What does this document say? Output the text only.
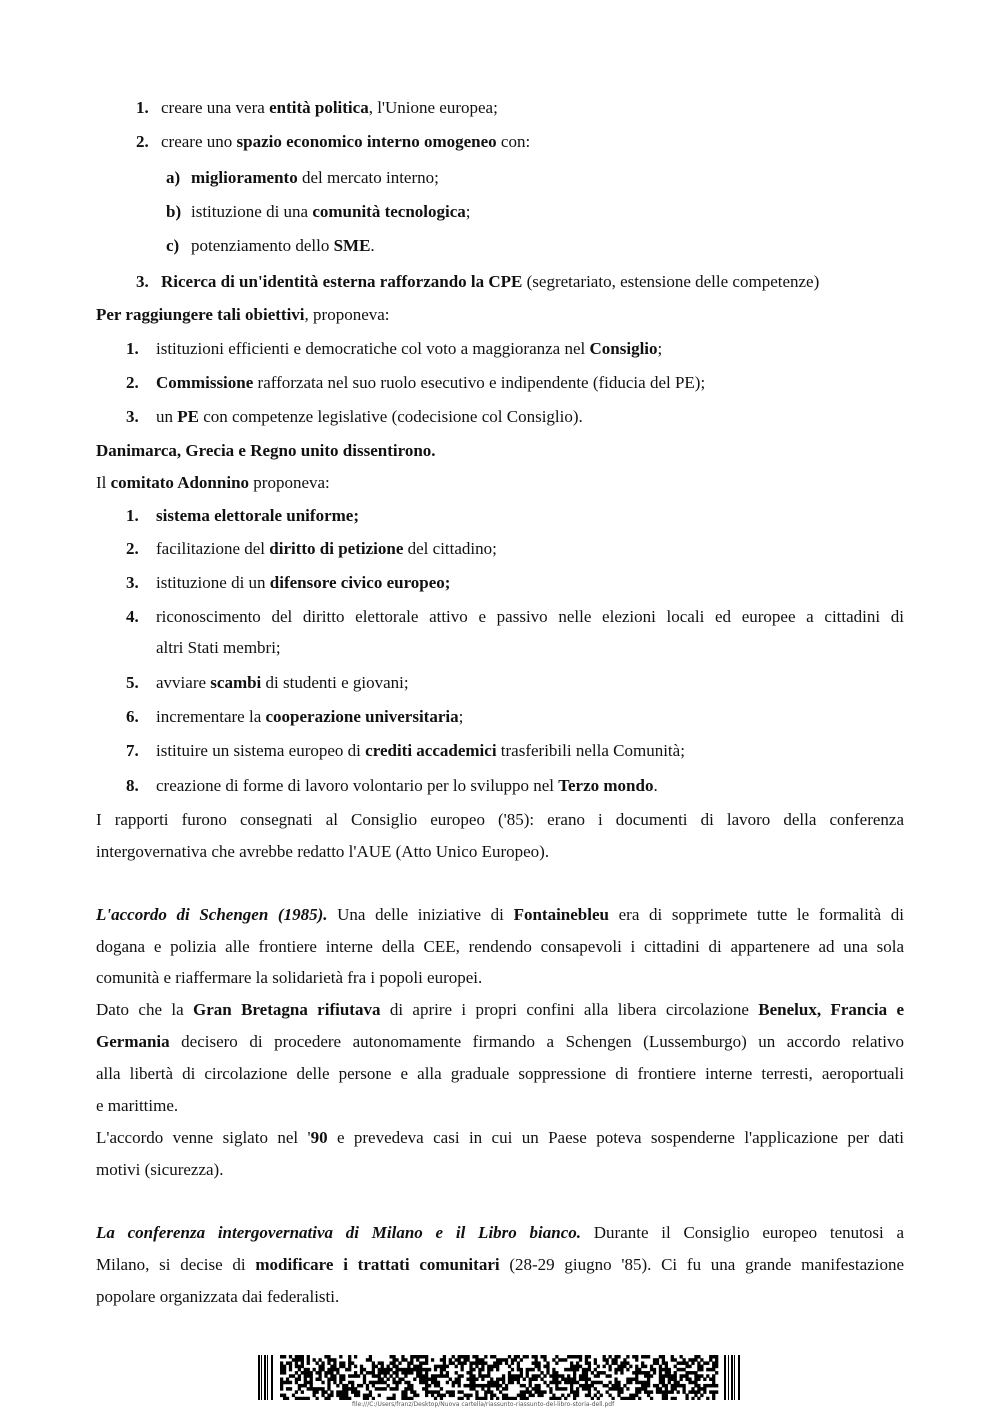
1. creare una vera entità politica, l'Unione europea;
2. creare uno spazio economico interno omogeneo con:
a) miglioramento del mercato interno;
b) istituzione di una comunità tecnologica;
c) potenziamento dello SME.
3. Ricerca di un'identità esterna rafforzando la CPE (segretariato, estensione delle competenze)
Per raggiungere tali obiettivi, proponeva:
1. istituzioni efficienti e democratiche col voto a maggioranza nel Consiglio;
2. Commissione rafforzata nel suo ruolo esecutivo e indipendente (fiducia del PE);
3. un PE con competenze legislative (codecisione col Consiglio).
Danimarca, Grecia e Regno unito dissentirono.
Il comitato Adonnino proponeva:
1. sistema elettorale uniforme;
2. facilitazione del diritto di petizione del cittadino;
3. istituzione di un difensore civico europeo;
4. riconoscimento del diritto elettorale attivo e passivo nelle elezioni locali ed europee a cittadini di
altri Stati membri;
5. avviare scambi di studenti e giovani;
6. incrementare la cooperazione universitaria;
7. istituire un sistema europeo di crediti accademici trasferibili nella Comunità;
8. creazione di forme di lavoro volontario per lo sviluppo nel Terzo mondo.
I rapporti furono consegnati al Consiglio europeo ('85): erano i documenti di lavoro della conferenza
intergovernativa che avrebbe redatto l'AUE (Atto Unico Europeo).
L'accordo di Schengen (1985). Una delle iniziative di Fontainebleu era di sopprimete tutte le formalità di
dogana e polizia alle frontiere interne della CEE, rendendo consapevoli i cittadini di appartenere ad una sola
comunità e riaffermare la solidarietà fra i popoli europei.
Dato che la Gran Bretagna rifiutava di aprire i propri confini alla libera circolazione Benelux, Francia e
Germania decisero di procedere autonomamente firmando a Schengen (Lussemburgo) un accordo relativo
alla libertà di circolazione delle persone e alla graduale soppressione di frontiere interne terresti, aeroportuali
e marittime.
L'accordo venne siglato nel '90 e prevedeva casi in cui un Paese poteva sospenderne l'applicazione per dati
motivi (sicurezza).
La conferenza intergovernativa di Milano e il Libro bianco. Durante il Consiglio europeo tenutosi a
Milano, si decise di modificare i trattati comunitari (28-29 giugno '85). Ci fu una grande manifestazione
popolare organizzata dai federalisti.
file:///C:/Users/franz/Desktop/Nuova cartella/riassunto-riassunto-del-libro-storia-dell.pdf
